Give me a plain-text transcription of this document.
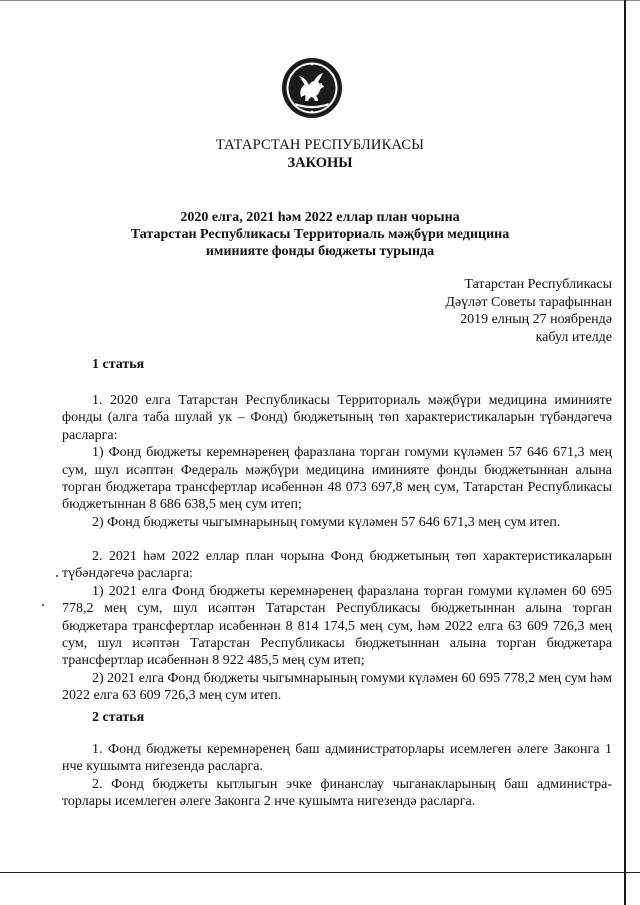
ТАТАРСТАН РЕСПУБЛИКАСЫ
ЗАКОНЫ
2020 елга, 2021 һәм 2022 еллар план чорына
Татарстан Республикасы Территориаль мәҗбүри медицина
иминияте фонды бюджеты турында
Татарстан Республикасы
Дәүләт Советы тарафыннан
2019 елның 27 ноябрендә
кабул ителде
1 статья
1. 2020 елга Татарстан Республикасы Территориаль мәҗбүри медицина иминияте фонды (алга таба шулай ук – Фонд) бюджетының төп характеристикаларын түбәндәгечә расларга:
1) Фонд бюджеты керемнәренең фаразлана торган гомуми күләмен 57 646 671,3 мең сум, шул исәптән Федераль мәҗбүри медицина иминияте фонды бюджетыннан алына торган бюджетара трансфертлар исәбеннән 48 073 697,8 мең сум, Татарстан Республикасы бюджетыннан 8 686 638,5 мең сум итеп;
2) Фонд бюджеты чыгымнарының гомуми күләмен 57 646 671,3 мең сум итеп.
2. 2021 һәм 2022 еллар план чорына Фонд бюджетының төп характеристикаларын түбәндәгечә расларга:
1) 2021 елга Фонд бюджеты керемнәренең фаразлана торган гомуми күләмен 60 695 778,2 мең сум, шул исәптән Татарстан Республикасы бюджетыннан алына торган бюджетара трансфертлар исәбеннән 8 814 174,5 мең сум, һәм 2022 елга 63 609 726,3 мең сум, шул исәптән Татарстан Республикасы бюджетыннан алына торган бюджетара трансфертлар исәбеннән 8 922 485,5 мең сум итеп;
2) 2021 елга Фонд бюджеты чыгымнарының гомуми күләмен 60 695 778,2 мең сум һәм 2022 елга 63 609 726,3 мең сум итеп.
2 статья
1. Фонд бюджеты керемнәренең баш администраторлары исемлеген әлеге Законга 1 нче кушымта нигезендә расларга.
2. Фонд бюджеты кытлыгын эчке финанслау чыганакларының баш администра- торлары исемлеген әлеге Законга 2 нче кушымта нигезендә расларга.
